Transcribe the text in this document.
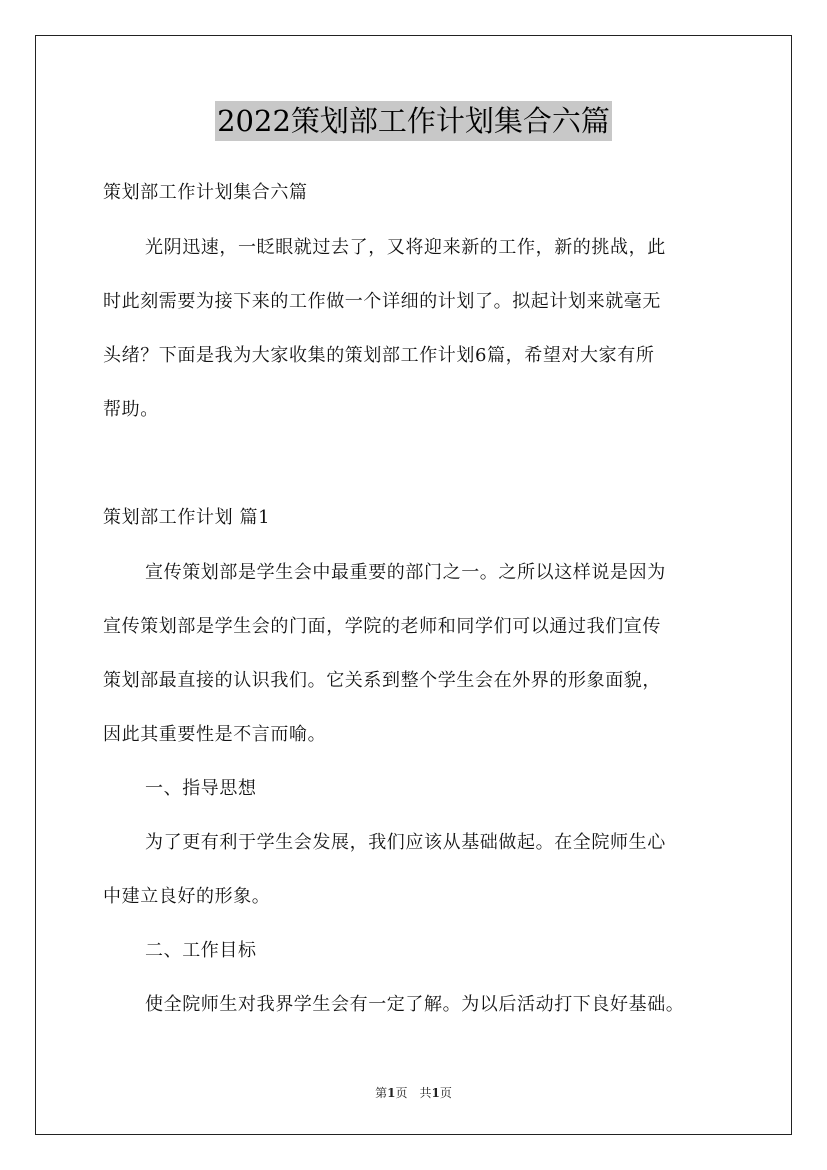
2022策划部工作计划集合六篇
策划部工作计划集合六篇
光阴迅速，一眨眼就过去了，又将迎来新的工作，新的挑战，此
时此刻需要为接下来的工作做一个详细的计划了。拟起计划来就毫无
头绪？下面是我为大家收集的策划部工作计划6篇，希望对大家有所
帮助。
策划部工作计划 篇1
宣传策划部是学生会中最重要的部门之一。之所以这样说是因为
宣传策划部是学生会的门面，学院的老师和同学们可以通过我们宣传
策划部最直接的认识我们。它关系到整个学生会在外界的形象面貌，
因此其重要性是不言而喻。
一、指导思想
为了更有利于学生会发展，我们应该从基础做起。在全院师生心
中建立良好的形象。
二、工作目标
使全院师生对我界学生会有一定了解。为以后活动打下良好基础。
第1页　共1页
